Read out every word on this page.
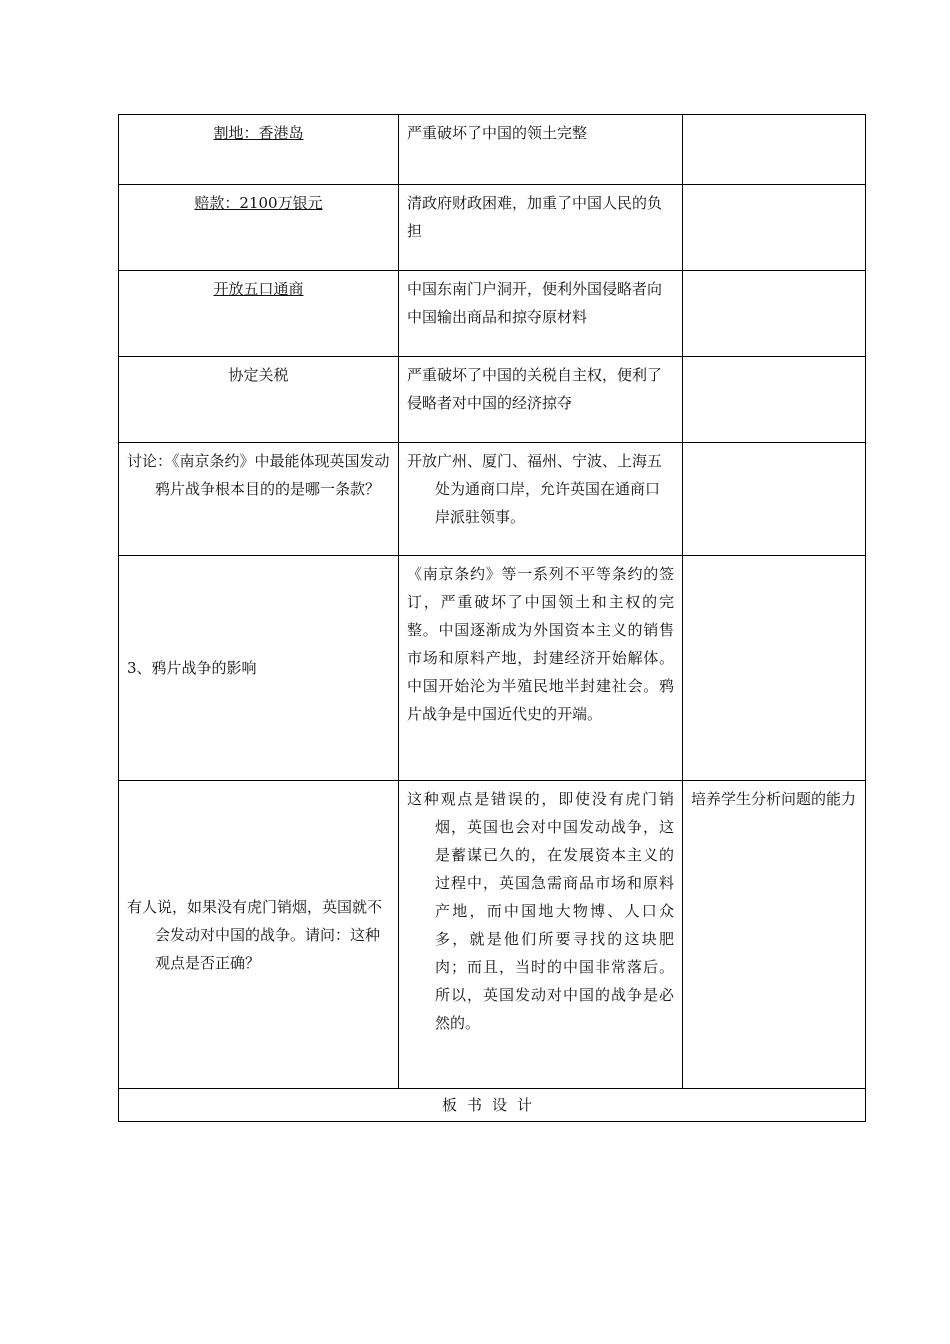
割地：香港岛	严重破坏了中国的领土完整	
赔款：2100万银元	清政府财政困难，加重了中国人民的负担	
开放五口通商	中国东南门户洞开，便利外国侵略者向中国输出商品和掠夺原材料	
协定关税	严重破坏了中国的关税自主权，便利了侵略者对中国的经济掠夺	
讨论：《南京条约》中最能体现英国发动鸦片战争根本目的的是哪一条款？	开放广州、厦门、福州、宁波、上海五处为通商口岸，允许英国在通商口岸派驻领事。	
3、鸦片战争的影响	《南京条约》等一系列不平等条约的签订，严重破坏了中国领土和主权的完整。中国逐渐成为外国资本主义的销售市场和原料产地，封建经济开始解体。中国开始沦为半殖民地半封建社会。鸦片战争是中国近代史的开端。	
有人说，如果没有虎门销烟，英国就不会发动对中国的战争。请问：这种观点是否正确？	这种观点是错误的，即使没有虎门销烟，英国也会对中国发动战争，这是蓄谋已久的，在发展资本主义的过程中，英国急需商品市场和原料产地，而中国地大物博、人口众多，就是他们所要寻找的这块肥肉；而且，当时的中国非常落后。所以，英国发动对中国的战争是必然的。	培养学生分析问题的能力
板书设计		
